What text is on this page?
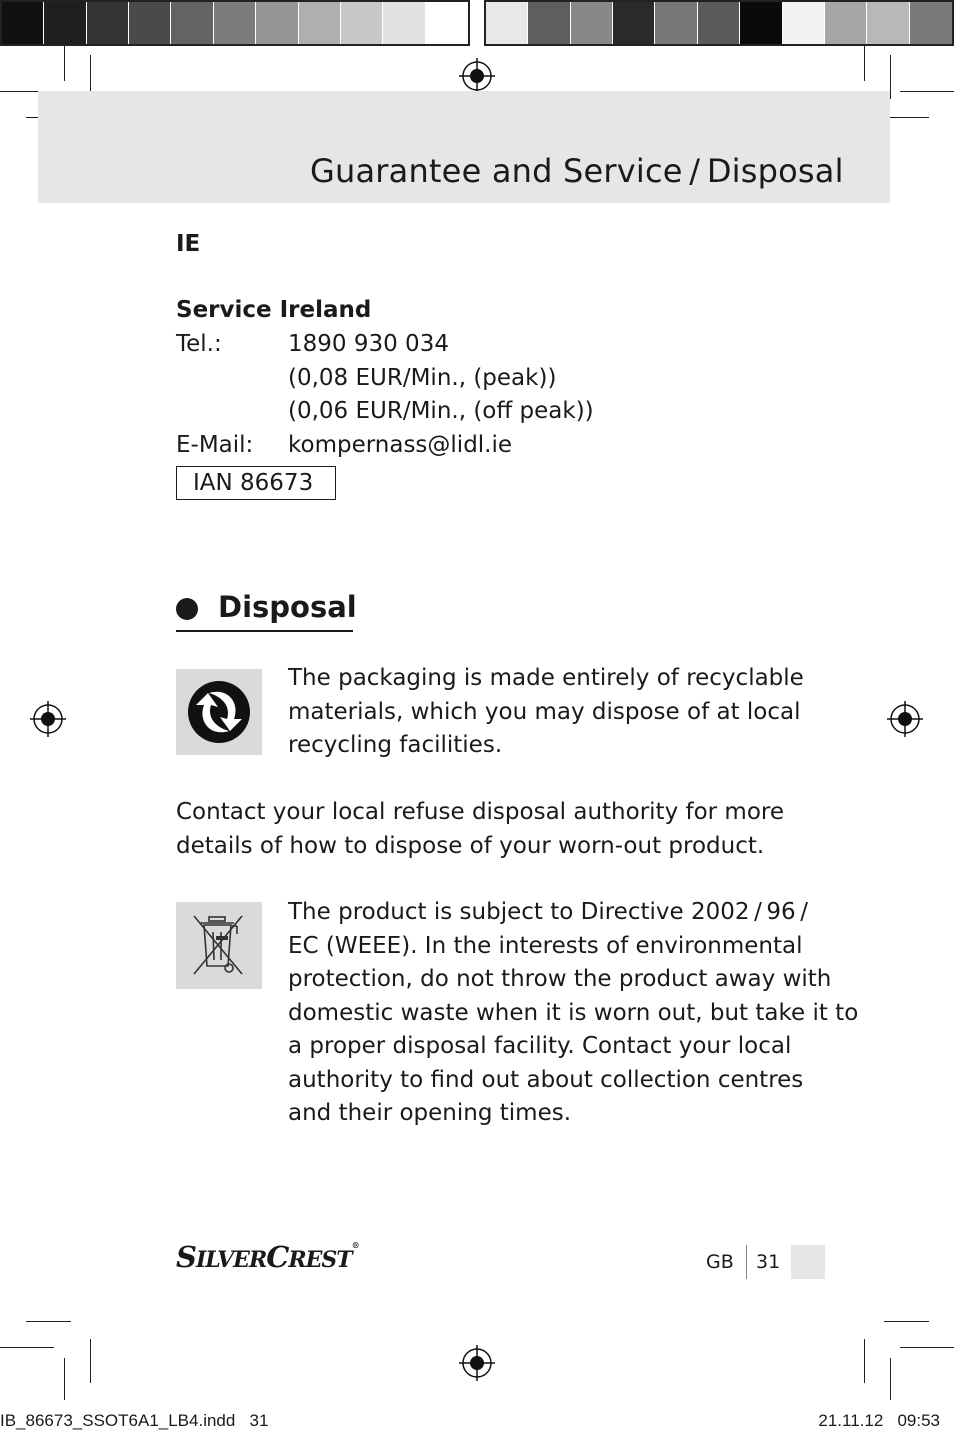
Guarantee and Service / Disposal
IE
Service Ireland
Tel.:	1890 930 034
(0,08 EUR/Min., (peak))
(0,06 EUR/Min., (off peak))
E-Mail: kompernass@lidl.ie
IAN 86673
Disposal
The packaging is made entirely of recyclable
materials, which you may dispose of at local
recycling facilities.
Contact your local refuse disposal authority for more
details of how to dispose of your worn-out product.
The product is subject to Directive 2002 / 96 /
EC (WEEE). In the interests of environmental
protection, do not throw the product away with
domestic waste when it is worn out, but take it to
a proper disposal facility. Contact your local
authority to find out about collection centres
and their opening times.
SILVERCREST®
GB 31
IB_86673_SSOT6A1_LB4.indd   31	21.11.12   09:53
